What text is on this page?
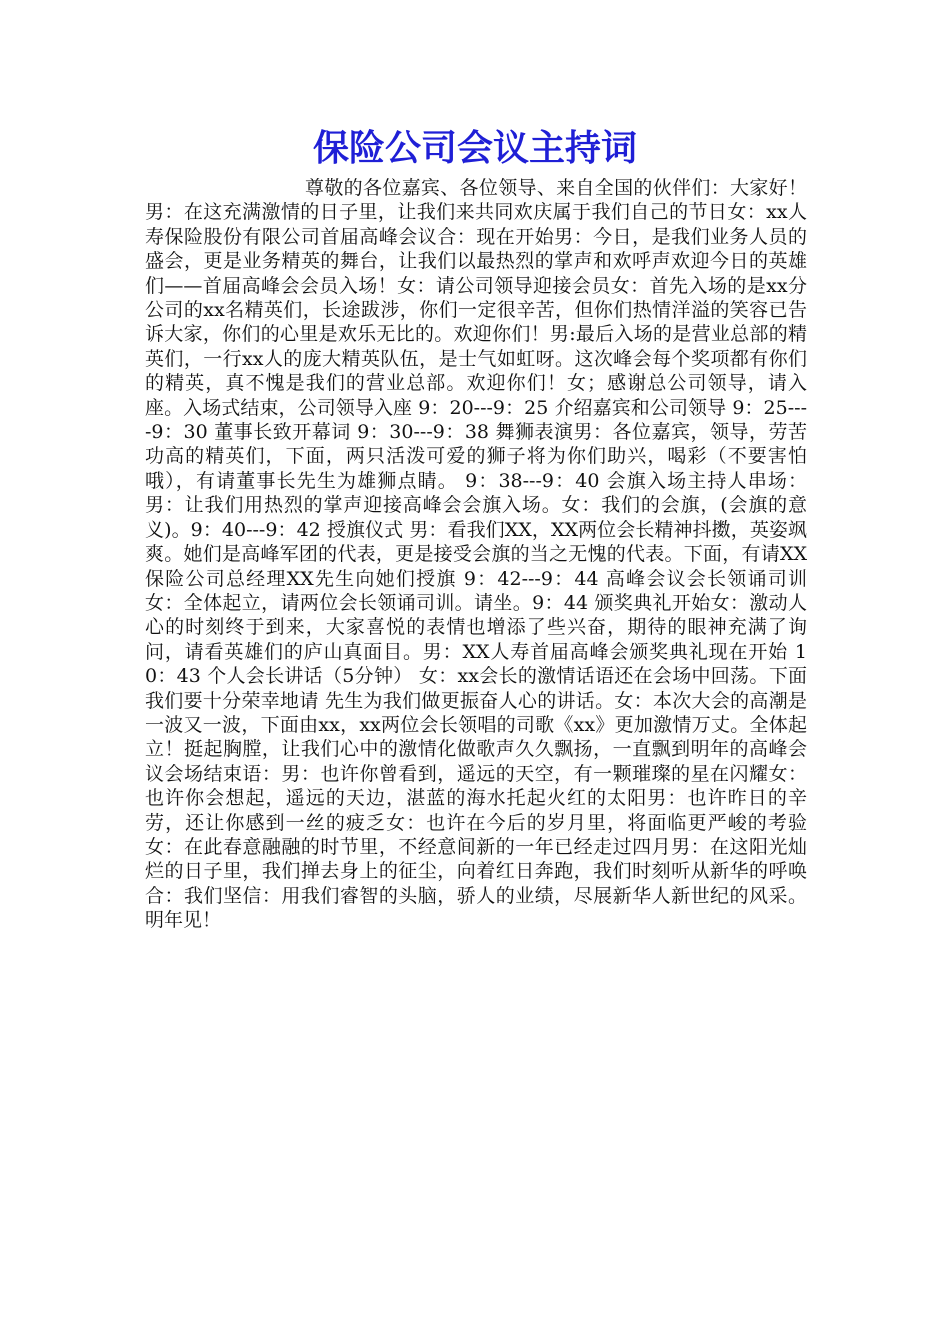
保险公司会议主持词

尊敬的各位嘉宾、各位领导、来自全国的伙伴们：大家好！ 男：在这充满激情的日子里，让我们来共同欢庆属于我们自己的节日女：xx人寿保险股份有限公司首届高峰会议合：现在开始男：今日，是我们业务人员的盛会，更是业务精英的舞台，让我们以最热烈的掌声和欢呼声欢迎今日的英雄们——首届高峰会会员入场！女：请公司领导迎接会员女：首先入场的是xx分公司的xx名精英们，长途跋涉，你们一定很辛苦，但你们热情洋溢的笑容已告诉大家，你们的心里是欢乐无比的。欢迎你们！男:最后入场的是营业总部的精英们，一行xx人的庞大精英队伍，是士气如虹呀。这次峰会每个奖项都有你们的精英，真不愧是我们的营业总部。欢迎你们！女；感谢总公司领导，请入座。入场式结束，公司领导入座 9：20---9：25 介绍嘉宾和公司领导 9：25----9：30 董事长致开幕词 9：30---9：38 舞狮表演男：各位嘉宾，领导，劳苦功高的精英们，下面，两只活泼可爱的狮子将为你们助兴，喝彩（不要害怕哦），有请董事长先生为雄狮点睛。 9：38---9：40 会旗入场主持人串场：男：让我们用热烈的掌声迎接高峰会会旗入场。女：我们的会旗，(会旗的意义)。9：40---9：42 授旗仪式 男：看我们XX，XX两位会长精神抖擞，英姿飒爽。她们是高峰军团的代表，更是接受会旗的当之无愧的代表。下面，有请XX保险公司总经理XX先生向她们授旗 9：42---9：44 高峰会议会长领诵司训 女：全体起立，请两位会长领诵司训。请坐。9：44 颁奖典礼开始女：激动人心的时刻终于到来，大家喜悦的表情也增添了些兴奋，期待的眼神充满了询问，请看英雄们的庐山真面目。男：XX人寿首届高峰会颁奖典礼现在开始 10：43 个人会长讲话（5分钟） 女：xx会长的激情话语还在会场中回荡。下面我们要十分荣幸地请 先生为我们做更振奋人心的讲话。女：本次大会的高潮是一波又一波，下面由xx，xx两位会长领唱的司歌《xx》更加激情万丈。全体起立！挺起胸膛，让我们心中的激情化做歌声久久飘扬，一直飘到明年的高峰会议会场结束语：男：也许你曾看到，遥远的天空，有一颗璀璨的星在闪耀女：也许你会想起，遥远的天边，湛蓝的海水托起火红的太阳男：也许昨日的辛劳，还让你感到一丝的疲乏女：也许在今后的岁月里，将面临更严峻的考验女：在此春意融融的时节里，不经意间新的一年已经走过四月男：在这阳光灿烂的日子里，我们掸去身上的征尘，向着红日奔跑，我们时刻听从新华的呼唤合：我们坚信：用我们睿智的头脑，骄人的业绩，尽展新华人新世纪的风采。明年见！
